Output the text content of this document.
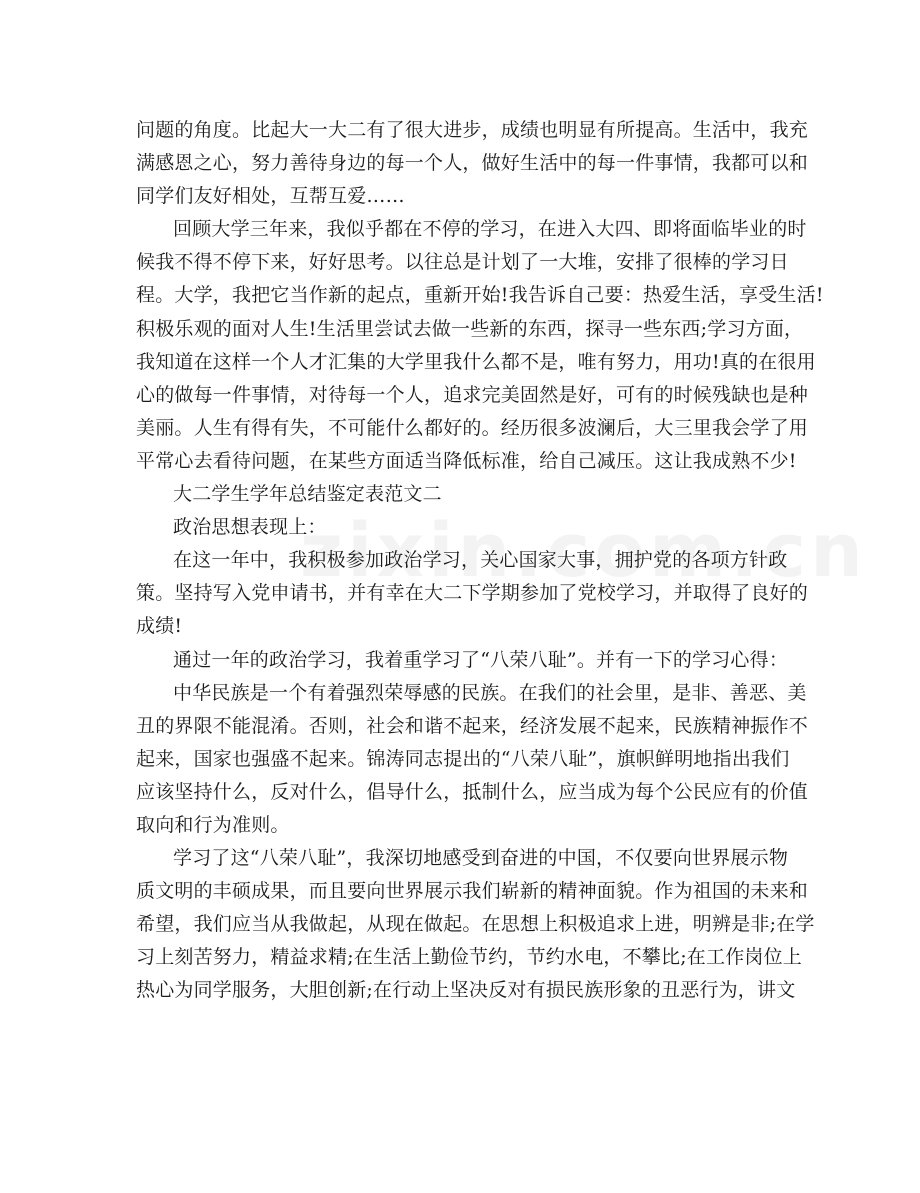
问题的角度。比起大一大二有了很大进步，成绩也明显有所提高。生活中，我充
满感恩之心，努力善待身边的每一个人，做好生活中的每一件事情，我都可以和
同学们友好相处，互帮互爱……
回顾大学三年来，我似乎都在不停的学习，在进入大四、即将面临毕业的时
候我不得不停下来，好好思考。以往总是计划了一大堆，安排了很棒的学习日
程。大学，我把它当作新的起点，重新开始!我告诉自己要：热爱生活，享受生活!
积极乐观的面对人生!生活里尝试去做一些新的东西，探寻一些东西;学习方面，
我知道在这样一个人才汇集的大学里我什么都不是，唯有努力，用功!真的在很用
心的做每一件事情，对待每一个人，追求完美固然是好，可有的时候残缺也是种
美丽。人生有得有失，不可能什么都好的。经历很多波澜后，大三里我会学了用
平常心去看待问题，在某些方面适当降低标准，给自己减压。这让我成熟不少!
大二学生学年总结鉴定表范文二
政治思想表现上：
在这一年中，我积极参加政治学习，关心国家大事，拥护党的各项方针政
策。坚持写入党申请书，并有幸在大二下学期参加了党校学习，并取得了良好的
成绩!
通过一年的政治学习，我着重学习了“八荣八耻”。并有一下的学习心得：
中华民族是一个有着强烈荣辱感的民族。在我们的社会里，是非、善恶、美
丑的界限不能混淆。否则，社会和谐不起来，经济发展不起来，民族精神振作不
起来，国家也强盛不起来。锦涛同志提出的“八荣八耻”，旗帜鲜明地指出我们
应该坚持什么，反对什么，倡导什么，抵制什么，应当成为每个公民应有的价值
取向和行为准则。
学习了这“八荣八耻”，我深切地感受到奋进的中国，不仅要向世界展示物
质文明的丰硕成果，而且要向世界展示我们崭新的精神面貌。作为祖国的未来和
希望，我们应当从我做起，从现在做起。在思想上积极追求上进，明辨是非;在学
习上刻苦努力，精益求精;在生活上勤俭节约，节约水电，不攀比;在工作岗位上
热心为同学服务，大胆创新;在行动上坚决反对有损民族形象的丑恶行为，讲文
